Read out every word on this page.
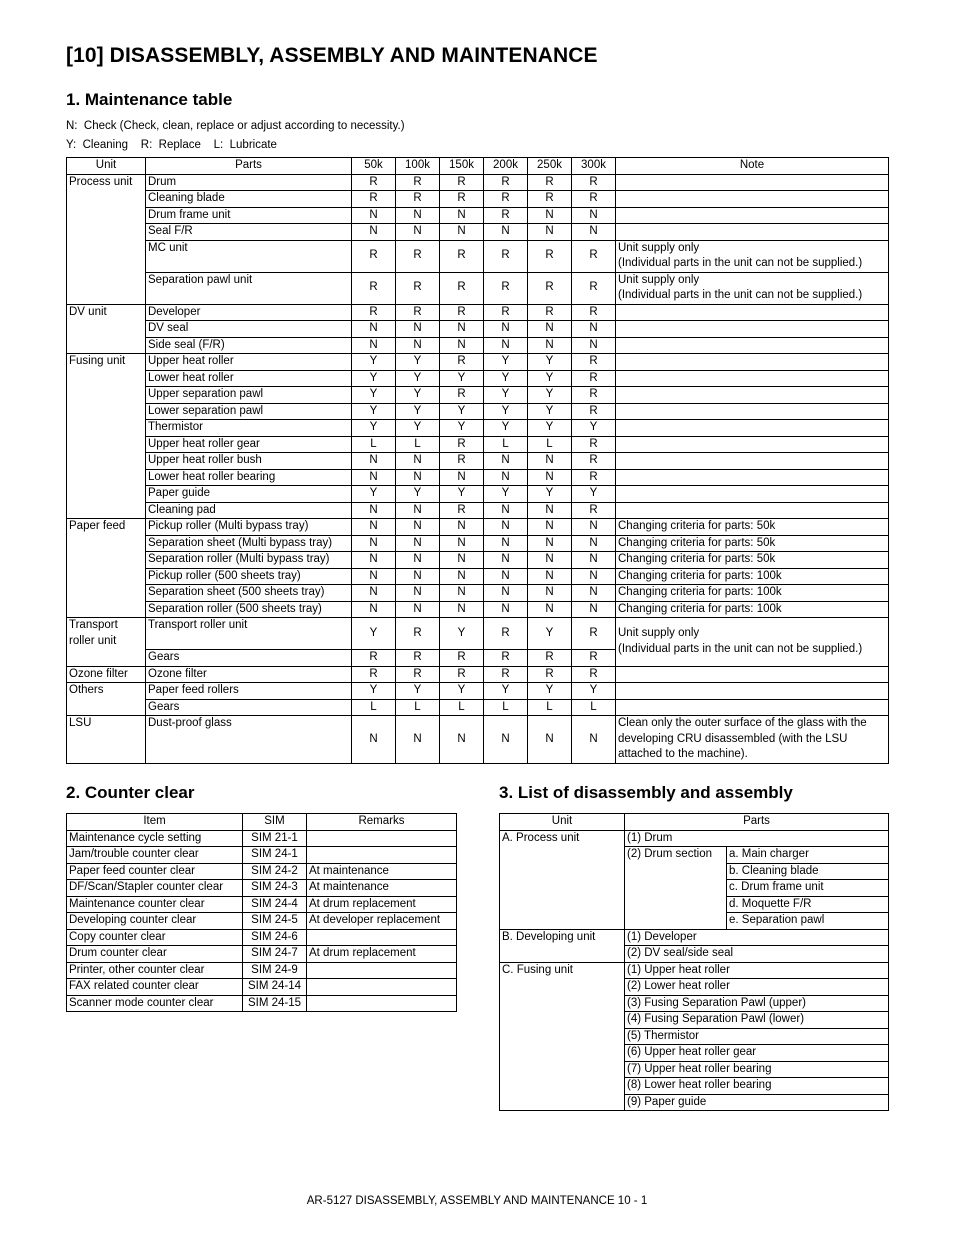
[10] DISASSEMBLY, ASSEMBLY AND MAINTENANCE
1. Maintenance table
N:  Check (Check, clean, replace or adjust according to necessity.)
Y:  Cleaning    R:  Replace    L:  Lubricate
Unit	Parts	50k	100k	150k	200k	250k	300k	Note
Process unit	Drum	R	R	R	R	R	R	
	Cleaning blade	R	R	R	R	R	R	
	Drum frame unit	N	N	N	R	N	N	
	Seal F/R	N	N	N	N	N	N	
	MC unit	R	R	R	R	R	R	Unit supply only
(Individual parts in the unit can not be supplied.)
	Separation pawl unit	R	R	R	R	R	R	Unit supply only
(Individual parts in the unit can not be supplied.)
DV unit	Developer	R	R	R	R	R	R	
	DV seal	N	N	N	N	N	N	
	Side seal (F/R)	N	N	N	N	N	N	
Fusing unit	Upper heat roller	Y	Y	R	Y	Y	R	
	Lower heat roller	Y	Y	Y	Y	Y	R	
	Upper separation pawl	Y	Y	R	Y	Y	R	
	Lower separation pawl	Y	Y	Y	Y	Y	R	
	Thermistor	Y	Y	Y	Y	Y	Y	
	Upper heat roller gear	L	L	R	L	L	R	
	Upper heat roller bush	N	N	R	N	N	R	
	Lower heat roller bearing	N	N	N	N	N	R	
	Paper guide	Y	Y	Y	Y	Y	Y	
	Cleaning pad	N	N	R	N	N	R	
Paper feed	Pickup roller (Multi bypass tray)	N	N	N	N	N	N	Changing criteria for parts: 50k
	Separation sheet (Multi bypass tray)	N	N	N	N	N	N	Changing criteria for parts: 50k
	Separation roller (Multi bypass tray)	N	N	N	N	N	N	Changing criteria for parts: 50k
	Pickup roller (500 sheets tray)	N	N	N	N	N	N	Changing criteria for parts: 100k
	Separation sheet (500 sheets tray)	N	N	N	N	N	N	Changing criteria for parts: 100k
	Separation roller (500 sheets tray)	N	N	N	N	N	N	Changing criteria for parts: 100k
Transport roller unit	Transport roller unit	Y	R	Y	R	Y	R	Unit supply only
(Individual parts in the unit can not be supplied.)
	Gears	R	R	R	R	R	R	
Ozone filter	Ozone filter	R	R	R	R	R	R	
Others	Paper feed rollers	Y	Y	Y	Y	Y	Y	
	Gears	L	L	L	L	L	L	
LSU	Dust-proof glass	N	N	N	N	N	N	Clean only the outer surface of the glass with the developing CRU disassembled (with the LSU attached to the machine).
2. Counter clear
Item	SIM	Remarks
Maintenance cycle setting	SIM 21-1	
Jam/trouble counter clear	SIM 24-1	
Paper feed counter clear	SIM 24-2	At maintenance
DF/Scan/Stapler counter clear	SIM 24-3	At maintenance
Maintenance counter clear	SIM 24-4	At drum replacement
Developing counter clear	SIM 24-5	At developer replacement
Copy counter clear	SIM 24-6	
Drum counter clear	SIM 24-7	At drum replacement
Printer, other counter clear	SIM 24-9	
FAX related counter clear	SIM 24-14	
Scanner mode counter clear	SIM 24-15	
3. List of disassembly and assembly
Unit	Parts	
A. Process unit	(1) Drum	
	(2) Drum section	a. Main charger
		b. Cleaning blade
		c. Drum frame unit
		d. Moquette F/R
		e. Separation pawl
B. Developing unit	(1) Developer	
	(2) DV seal/side seal	
C. Fusing unit	(1) Upper heat roller	
	(2) Lower heat roller	
	(3) Fusing Separation Pawl (upper)	
	(4) Fusing Separation Pawl (lower)	
	(5) Thermistor	
	(6) Upper heat roller gear	
	(7) Upper heat roller bearing	
	(8) Lower heat roller bearing	
	(9) Paper guide	
AR-5127 DISASSEMBLY, ASSEMBLY AND MAINTENANCE 10 - 1
